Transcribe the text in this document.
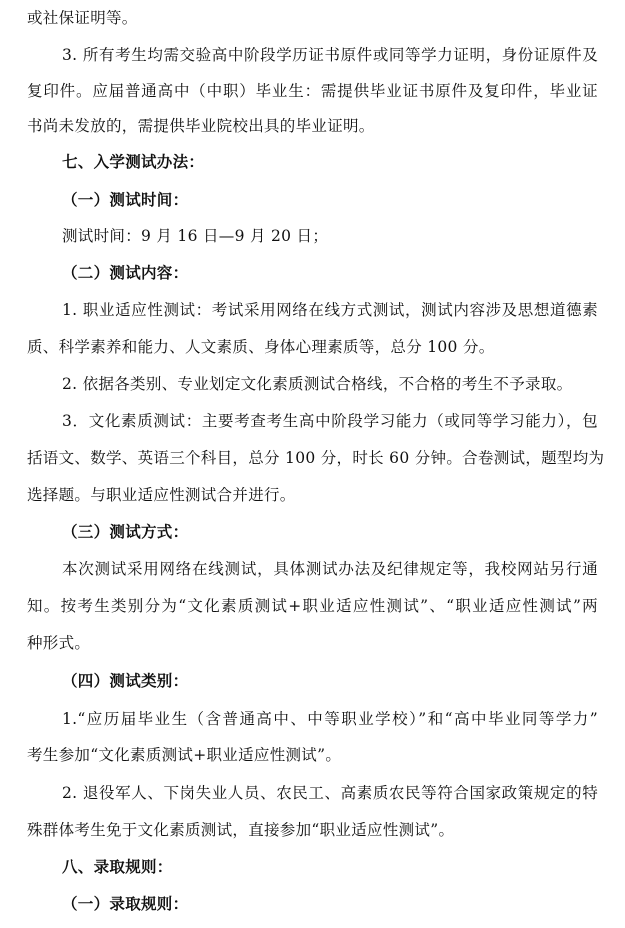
或社保证明等。
3. 所有考生均需交验高中阶段学历证书原件或同等学力证明，身份证原件及
复印件。应届普通高中（中职）毕业生：需提供毕业证书原件及复印件，毕业证
书尚未发放的，需提供毕业院校出具的毕业证明。
七、入学测试办法：
（一）测试时间：
测试时间：9 月 16 日—9 月 20 日；
（二）测试内容：
1. 职业适应性测试：考试采用网络在线方式测试，测试内容涉及思想道德素
质、科学素养和能力、人文素质、身体心理素质等，总分 100 分。
2. 依据各类别、专业划定文化素质测试合格线，不合格的考生不予录取。
3．文化素质测试：主要考查考生高中阶段学习能力（或同等学习能力），包
括语文、数学、英语三个科目，总分 100 分，时长 60 分钟。合卷测试，题型均为
选择题。与职业适应性测试合并进行。
（三）测试方式：
本次测试采用网络在线测试，具体测试办法及纪律规定等，我校网站另行通
知。按考生类别分为“文化素质测试+职业适应性测试”、“职业适应性测试”两
种形式。
（四）测试类别：
1.“应历届毕业生（含普通高中、中等职业学校）”和“高中毕业同等学力”
考生参加“文化素质测试+职业适应性测试”。
2. 退役军人、下岗失业人员、农民工、高素质农民等符合国家政策规定的特
殊群体考生免于文化素质测试，直接参加“职业适应性测试”。
八、录取规则：
（一）录取规则：
